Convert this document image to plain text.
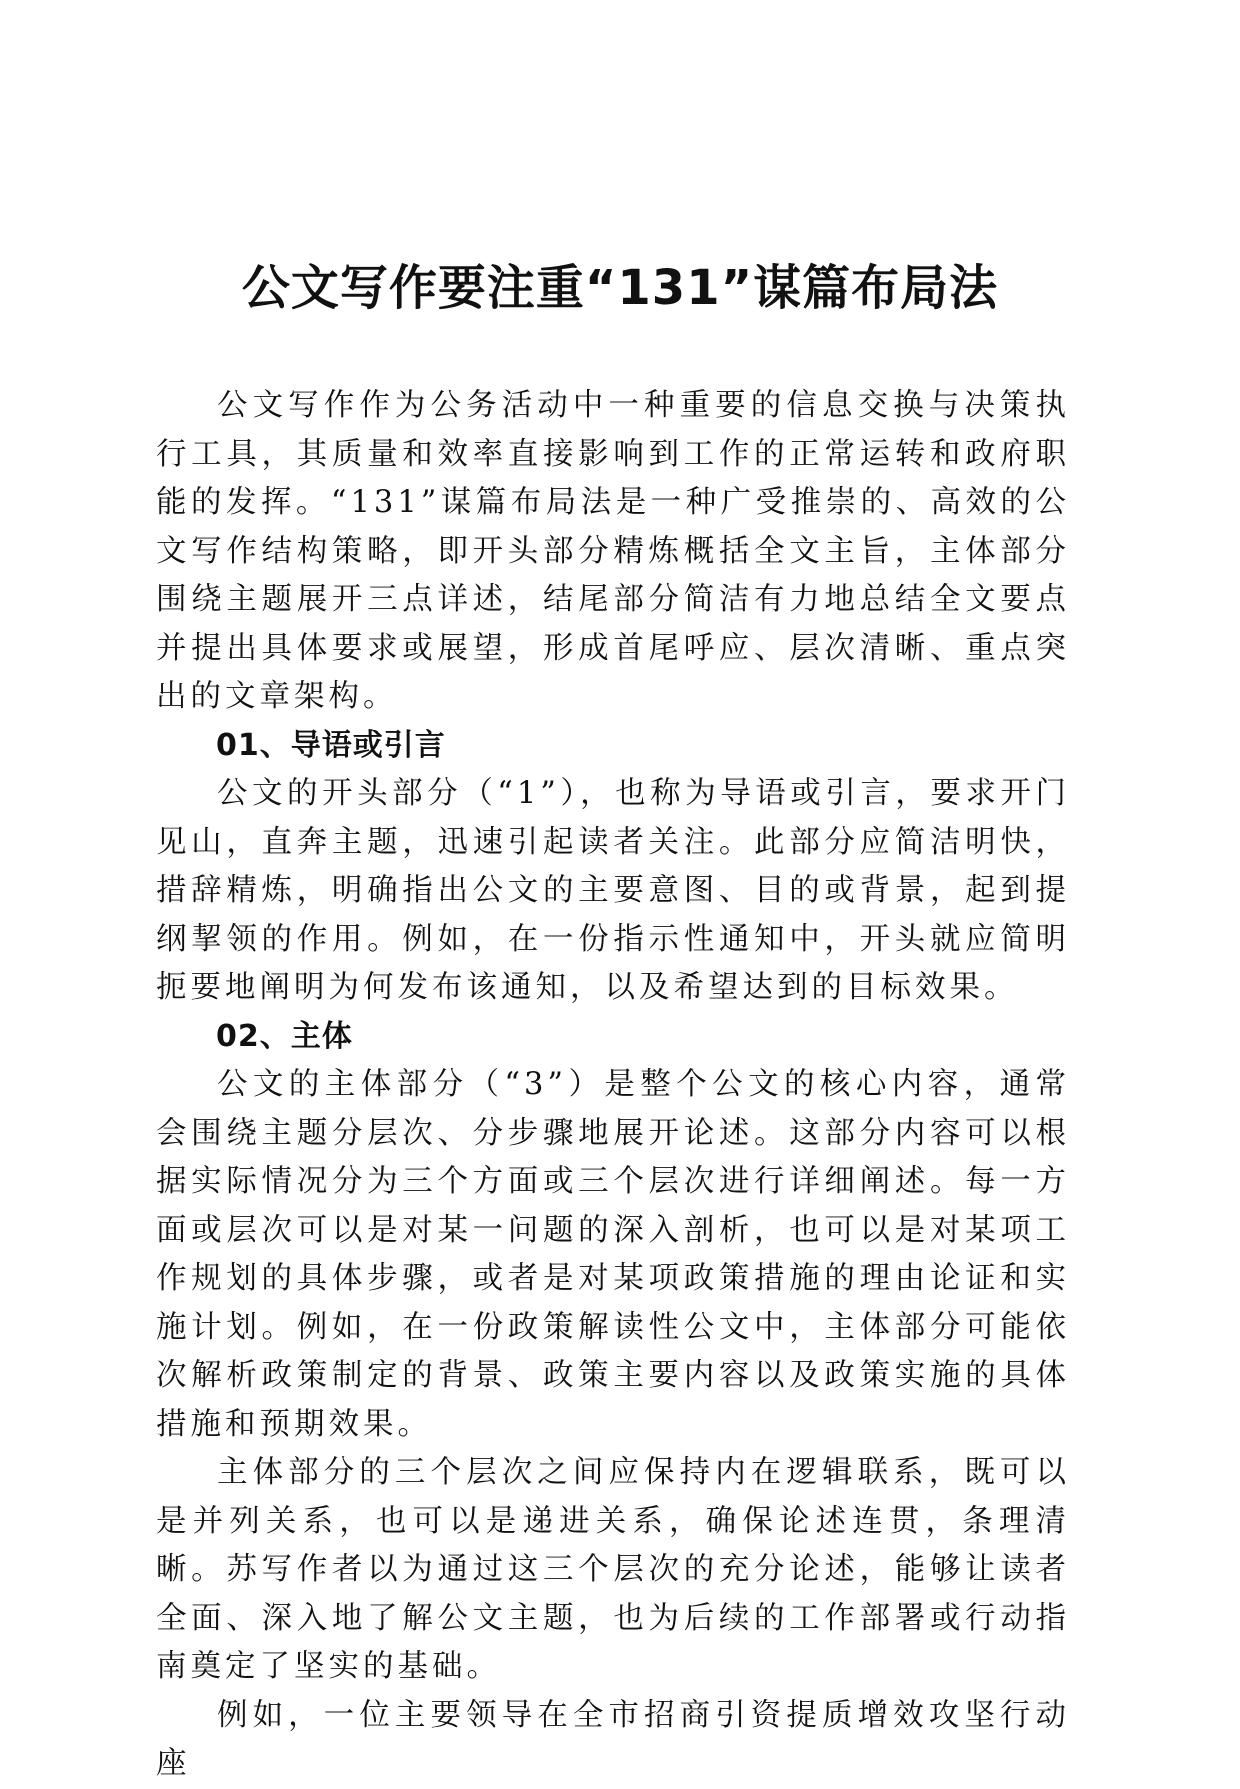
公文写作要注重“131”谋篇布局法

公文写作作为公务活动中一种重要的信息交换与决策执行工具，其质量和效率直接影响到工作的正常运转和政府职能的发挥。“131”谋篇布局法是一种广受推崇的、高效的公文写作结构策略，即开头部分精炼概括全文主旨，主体部分围绕主题展开三点详述，结尾部分简洁有力地总结全文要点并提出具体要求或展望，形成首尾呼应、层次清晰、重点突出的文章架构。

01、导语或引言

公文的开头部分（“1”），也称为导语或引言，要求开门见山，直奔主题，迅速引起读者关注。此部分应简洁明快，措辞精炼，明确指出公文的主要意图、目的或背景，起到提纲挈领的作用。例如，在一份指示性通知中，开头就应简明扼要地阐明为何发布该通知，以及希望达到的目标效果。

02、主体

公文的主体部分（“3”）是整个公文的核心内容，通常会围绕主题分层次、分步骤地展开论述。这部分内容可以根据实际情况分为三个方面或三个层次进行详细阐述。每一方面或层次可以是对某一问题的深入剖析，也可以是对某项工作规划的具体步骤，或者是对某项政策措施的理由论证和实施计划。例如，在一份政策解读性公文中，主体部分可能依次解析政策制定的背景、政策主要内容以及政策实施的具体措施和预期效果。

主体部分的三个层次之间应保持内在逻辑联系，既可以是并列关系，也可以是递进关系，确保论述连贯，条理清晰。苏写作者以为通过这三个层次的充分论述，能够让读者全面、深入地了解公文主题，也为后续的工作部署或行动指南奠定了坚实的基础。

例如，一位主要领导在全市招商引资提质增效攻坚行动座
